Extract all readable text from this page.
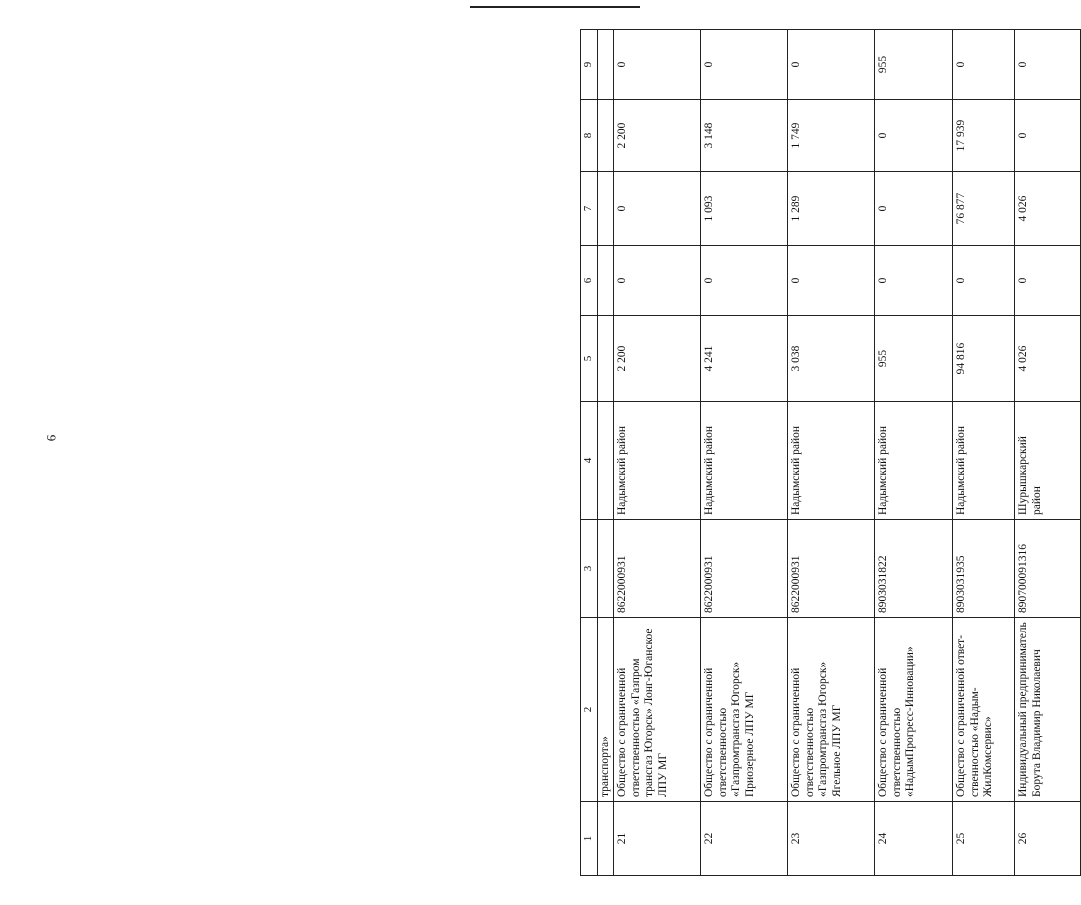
6
1	2	3	4	5	6	7	8	9
	транспорта»							
21	Общество с ограниченной ответственностью «Газпром трансгаз Югорск» Лонг-Юганское ЛПУ МГ	8622000931	Надымский район	2 200	0	0	2 200	0
22	Общество с ограниченной ответственностью «Газпромтрансгаз Югорск» Приозерное ЛПУ МГ	8622000931	Надымский район	4 241	0	1 093	3 148	0
23	Общество с ограниченной ответственностью «Газпромтрансгаз Югорск» Ягельное ЛПУ МГ	8622000931	Надымский район	3 038	0	1 289	1 749	0
24	Общество с ограниченной ответственностью «НадымПрогресс-Инновации»	8903031822	Надымский район	955	0	0	0	955
25	Общество с ограниченной ответ-ственностью «Надым-ЖилКомсервис»	8903031935	Надымский район	94 816	0	76 877	17 939	0
26	Индивидуальный предприниматель Борута Владимир Николаевич	890700091316	Шурышкарский район	4 026	0	4 026	0	0
